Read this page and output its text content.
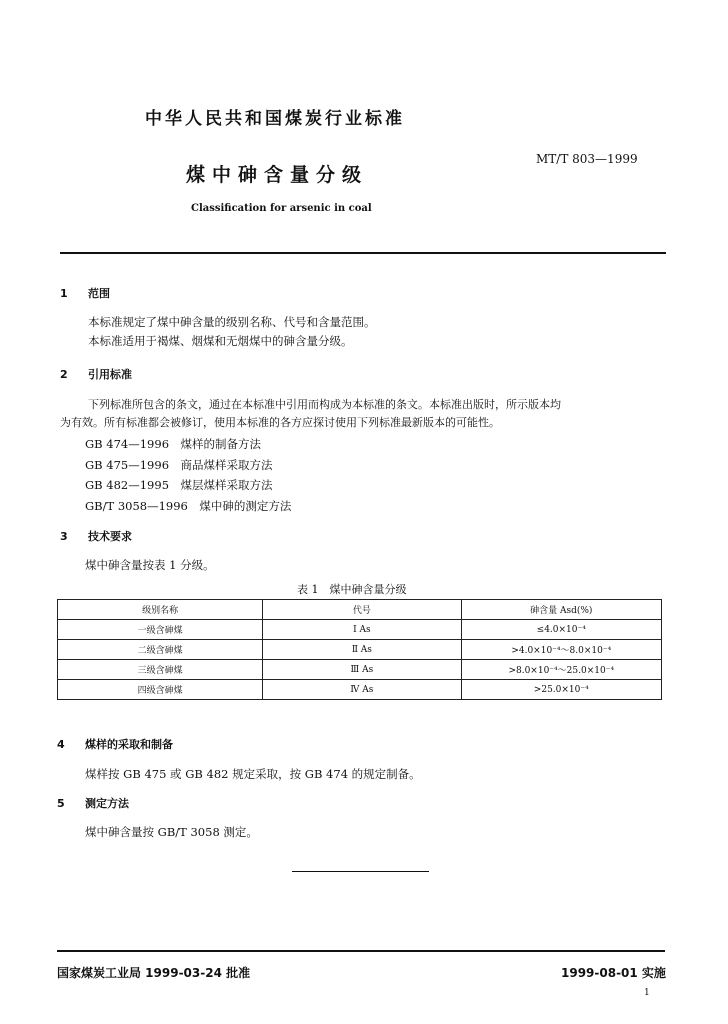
中华人民共和国煤炭行业标准
MT/T 803—1999
煤中砷含量分级
Classification for arsenic in coal
1 范围
本标准规定了煤中砷含量的级别名称、代号和含量范围。
本标准适用于褐煤、烟煤和无烟煤中的砷含量分级。
2 引用标准
下列标准所包含的条文，通过在本标准中引用而构成为本标准的条文。本标准出版时，所示版本均
为有效。所有标准都会被修订，使用本标准的各方应探讨使用下列标准最新版本的可能性。
GB 474—1996　煤样的制备方法
GB 475—1996　商品煤样采取方法
GB 482—1995　煤层煤样采取方法
GB/T 3058—1996　煤中砷的测定方法
3 技术要求
煤中砷含量按表 1 分级。
表 1　煤中砷含量分级
级别名称	代号	砷含量 Asd(%)
一级含砷煤	Ⅰ As	≤4.0×10⁻⁴
二级含砷煤	Ⅱ As	>4.0×10⁻⁴～8.0×10⁻⁴
三级含砷煤	Ⅲ As	>8.0×10⁻⁴～25.0×10⁻⁴
四级含砷煤	Ⅳ As	>25.0×10⁻⁴
4 煤样的采取和制备
煤样按 GB 475 或 GB 482 规定采取，按 GB 474 的规定制备。
5 测定方法
煤中砷含量按 GB/T 3058 测定。
国家煤炭工业局 1999-03-24 批准	1999-08-01 实施
1
